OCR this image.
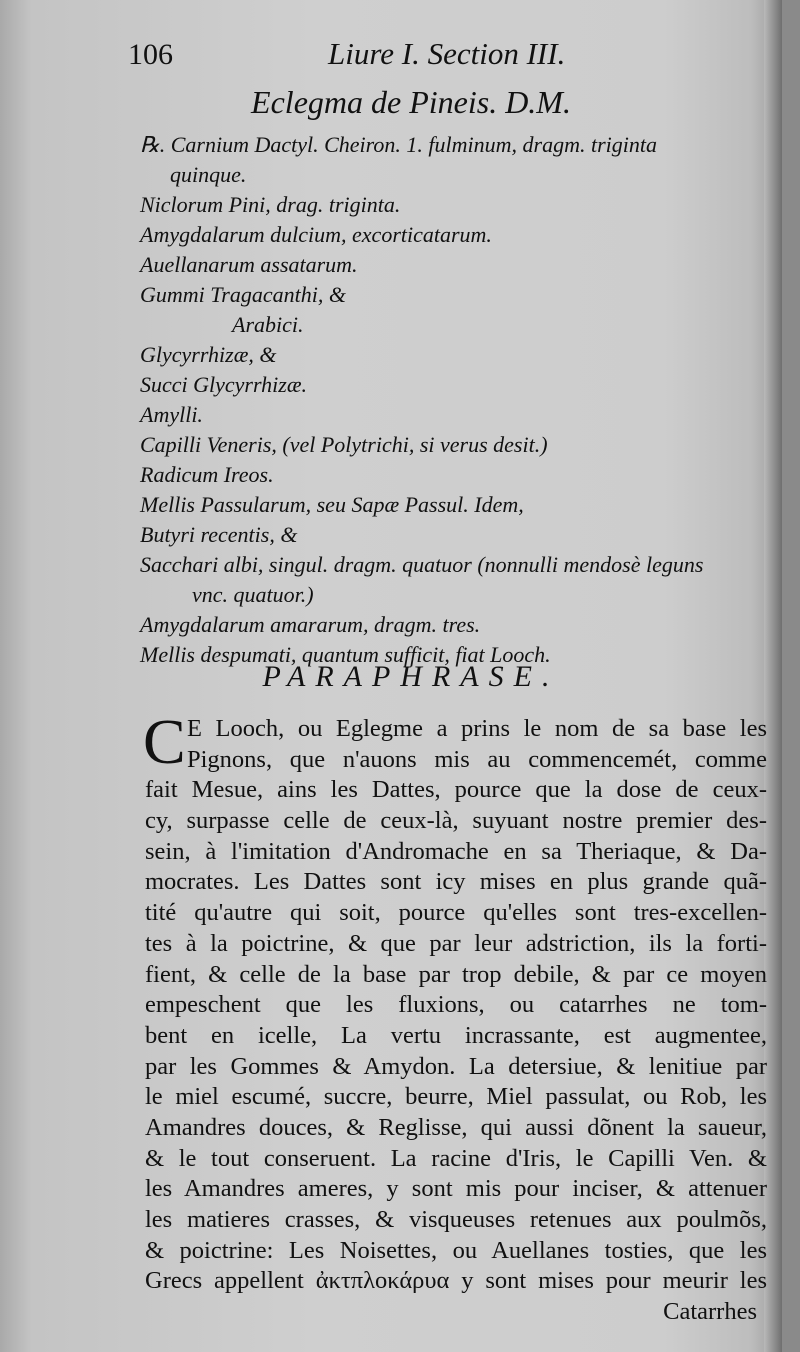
106	Liure I. Section III.
Eclegma de Pineis. D.M.
℞. Carnium Dactyl. Cheiron. 1. fulminum, dragm. triginta
quinque.
Niclorum Pini, drag. triginta.
Amygdalarum dulcium, excorticatarum.
Auellanarum assatarum.
Gummi Tragacanthi, &
Arabici.
Glycyrrhizæ, &
Succi Glycyrrhizæ.
Amylli.
Capilli Veneris, (vel Polytrichi, si verus desit.)
Radicum Ireos.
Mellis Passularum, seu Sapæ Passul. Idem,
Butyri recentis, &
Sacchari albi, singul. dragm. quatuor (nonnulli mendosè leguns
vnc. quatuor.)
Amygdalarum amararum, dragm. tres.
Mellis despumati, quantum sufficit, fiat Looch.
PARAPHRASE.
C E Looch, ou Eglegme a prins le nom de sa base les
Pignons, que n'auons mis au commencemét, comme
fait Mesue, ains les Dattes, pource que la dose de ceux-
cy, surpasse celle de ceux-là, suyuant nostre premier des-
sein, à l'imitation d'Andromache en sa Theriaque, & Da-
mocrates. Les Dattes sont icy mises en plus grande quã-
tité qu'autre qui soit, pource qu'elles sont tres-excellen-
tes à la poictrine, & que par leur adstriction, ils la forti-
fient, & celle de la base par trop debile, & par ce moyen
empeschent que les fluxions, ou catarrhes ne tom-
bent en icelle, La vertu incrassante, est augmentee,
par les Gommes & Amydon. La detersiue, & lenitiue par
le miel escumé, succre, beurre, Miel passulat, ou Rob, les
Amandres douces, & Reglisse, qui aussi dõnent la saueur,
& le tout conseruent. La racine d'Iris, le Capilli Ven. &
les Amandres ameres, y sont mis pour inciser, & attenuer
les matieres crasses, & visqueuses retenues aux poulmõs,
& poictrine: Les Noisettes, ou Auellanes tosties, que les
Grecs appellent ἀκτπλοκάρυα y sont mises pour meurir les
Catarrhes
